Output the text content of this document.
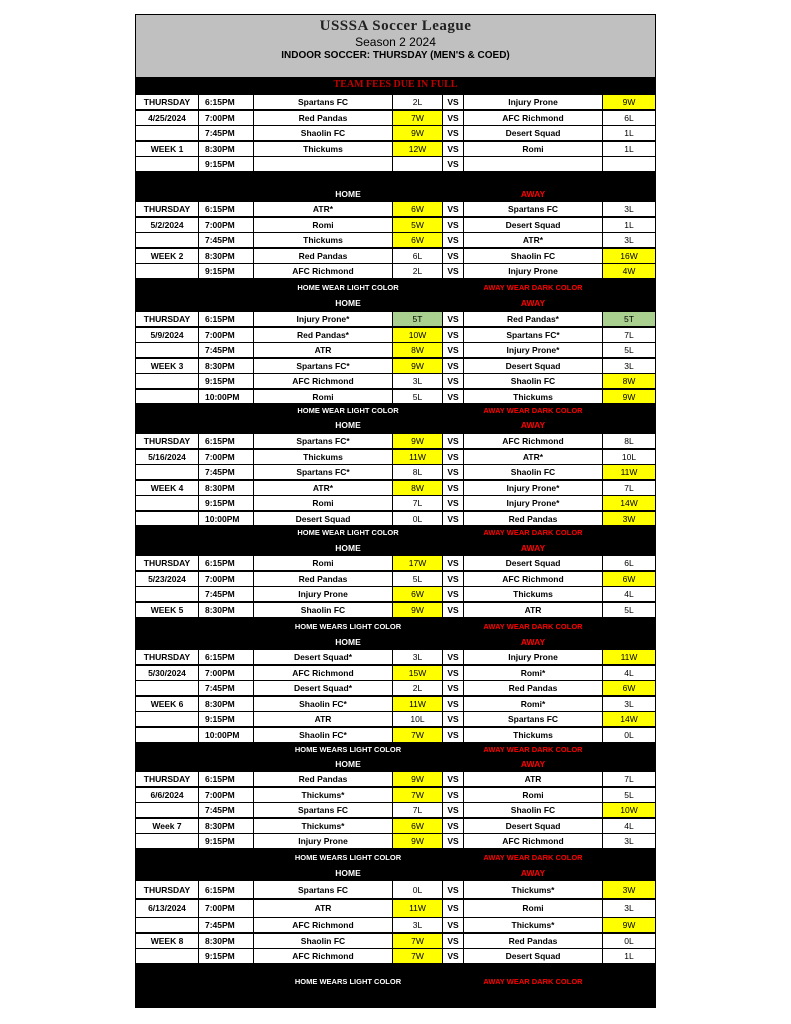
USSSA Soccer League
Season 2 2024
INDOOR SOCCER: THURSDAY (MEN'S & COED)
TEAM FEES DUE IN FULL
THURSDAY	6:15PM	Spartans FC	2L	VS	Injury Prone	9W
4/25/2024	7:00PM	Red Pandas	7W	VS	AFC Richmond	6L
7:45PM	Shaolin FC	9W	VS	Desert Squad	1L
WEEK 1	8:30PM	Thickums	12W	VS	Romi	1L
9:15PM	VS
HOME	AWAY
THURSDAY	6:15PM	ATR*	6W	VS	Spartans FC	3L
5/2/2024	7:00PM	Romi	5W	VS	Desert Squad	1L
7:45PM	Thickums	6W	VS	ATR*	3L
WEEK 2	8:30PM	Red Pandas	6L	VS	Shaolin FC	16W
9:15PM	AFC Richmond	2L	VS	Injury Prone	4W
HOME WEAR LIGHT COLOR	AWAY WEAR DARK COLOR
HOME	AWAY
THURSDAY	6:15PM	Injury Prone*	5T	VS	Red Pandas*	5T
5/9/2024	7:00PM	Red Pandas*	10W	VS	Spartans FC*	7L
7:45PM	ATR	8W	VS	Injury Prone*	5L
WEEK 3	8:30PM	Spartans FC*	9W	VS	Desert Squad	3L
9:15PM	AFC Richmond	3L	VS	Shaolin FC	8W
10:00PM	Romi	5L	VS	Thickums	9W
HOME WEAR LIGHT COLOR	AWAY WEAR DARK COLOR
HOME	AWAY
THURSDAY	6:15PM	Spartans FC*	9W	VS	AFC Richmond	8L
5/16/2024	7:00PM	Thickums	11W	VS	ATR*	10L
7:45PM	Spartans FC*	8L	VS	Shaolin FC	11W
WEEK 4	8:30PM	ATR*	8W	VS	Injury Prone*	7L
9:15PM	Romi	7L	VS	Injury Prone*	14W
10:00PM	Desert Squad	0L	VS	Red Pandas	3W
HOME WEAR LIGHT COLOR	AWAY WEAR DARK COLOR
HOME	AWAY
THURSDAY	6:15PM	Romi	17W	VS	Desert Squad	6L
5/23/2024	7:00PM	Red Pandas	5L	VS	AFC Richmond	6W
7:45PM	Injury Prone	6W	VS	Thickums	4L
WEEK 5	8:30PM	Shaolin FC	9W	VS	ATR	5L
HOME WEARS LIGHT COLOR	AWAY WEAR DARK COLOR
HOME	AWAY
THURSDAY	6:15PM	Desert Squad*	3L	VS	Injury Prone	11W
5/30/2024	7:00PM	AFC Richmond	15W	VS	Romi*	4L
7:45PM	Desert Squad*	2L	VS	Red Pandas	6W
WEEK 6	8:30PM	Shaolin FC*	11W	VS	Romi*	3L
9:15PM	ATR	10L	VS	Spartans FC	14W
10:00PM	Shaolin FC*	7W	VS	Thickums	0L
HOME WEARS LIGHT COLOR	AWAY WEAR DARK COLOR
HOME	AWAY
THURSDAY	6:15PM	Red Pandas	9W	VS	ATR	7L
6/6/2024	7:00PM	Thickums*	7W	VS	Romi	5L
7:45PM	Spartans FC	7L	VS	Shaolin FC	10W
Week 7	8:30PM	Thickums*	6W	VS	Desert Squad	4L
9:15PM	Injury Prone	9W	VS	AFC Richmond	3L
HOME WEARS LIGHT COLOR	AWAY WEAR DARK COLOR
HOME	AWAY
THURSDAY	6:15PM	Spartans FC	0L	VS	Thickums*	3W
6/13/2024	7:00PM	ATR	11W	VS	Romi	3L
7:45PM	AFC Richmond	3L	VS	Thickums*	9W
WEEK 8	8:30PM	Shaolin FC	7W	VS	Red Pandas	0L
9:15PM	AFC Richmond	7W	VS	Desert Squad	1L
HOME WEARS LIGHT COLOR	AWAY WEAR DARK COLOR
